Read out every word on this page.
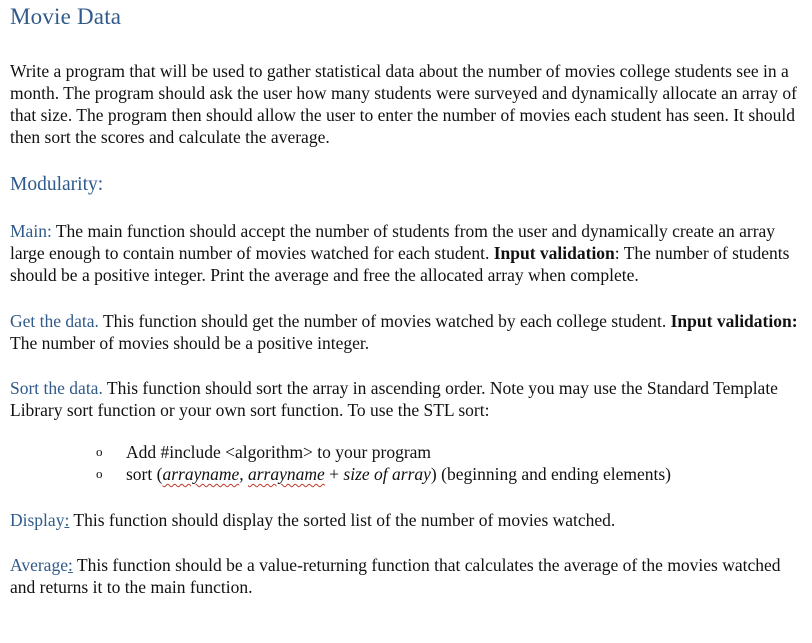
Movie Data

Write a program that will be used to gather statistical data about the number of movies college students see in a month. The program should ask the user how many students were surveyed and dynamically allocate an array of that size. The program then should allow the user to enter the number of movies each student has seen. It should then sort the scores and calculate the average.

Modularity:

Main: The main function should accept the number of students from the user and dynamically create an array large enough to contain number of movies watched for each student. Input validation: The number of students should be a positive integer. Print the average and free the allocated array when complete.

Get the data. This function should get the number of movies watched by each college student. Input validation: The number of movies should be a positive integer.

Sort the data. This function should sort the array in ascending order. Note you may use the Standard Template Library sort function or your own sort function. To use the STL sort:

o Add #include <algorithm> to your program
o sort (arrayname, arrayname + size of array) (beginning and ending elements)

Display: This function should display the sorted list of the number of movies watched.

Average: This function should be a value-returning function that calculates the average of the movies watched and returns it to the main function.
